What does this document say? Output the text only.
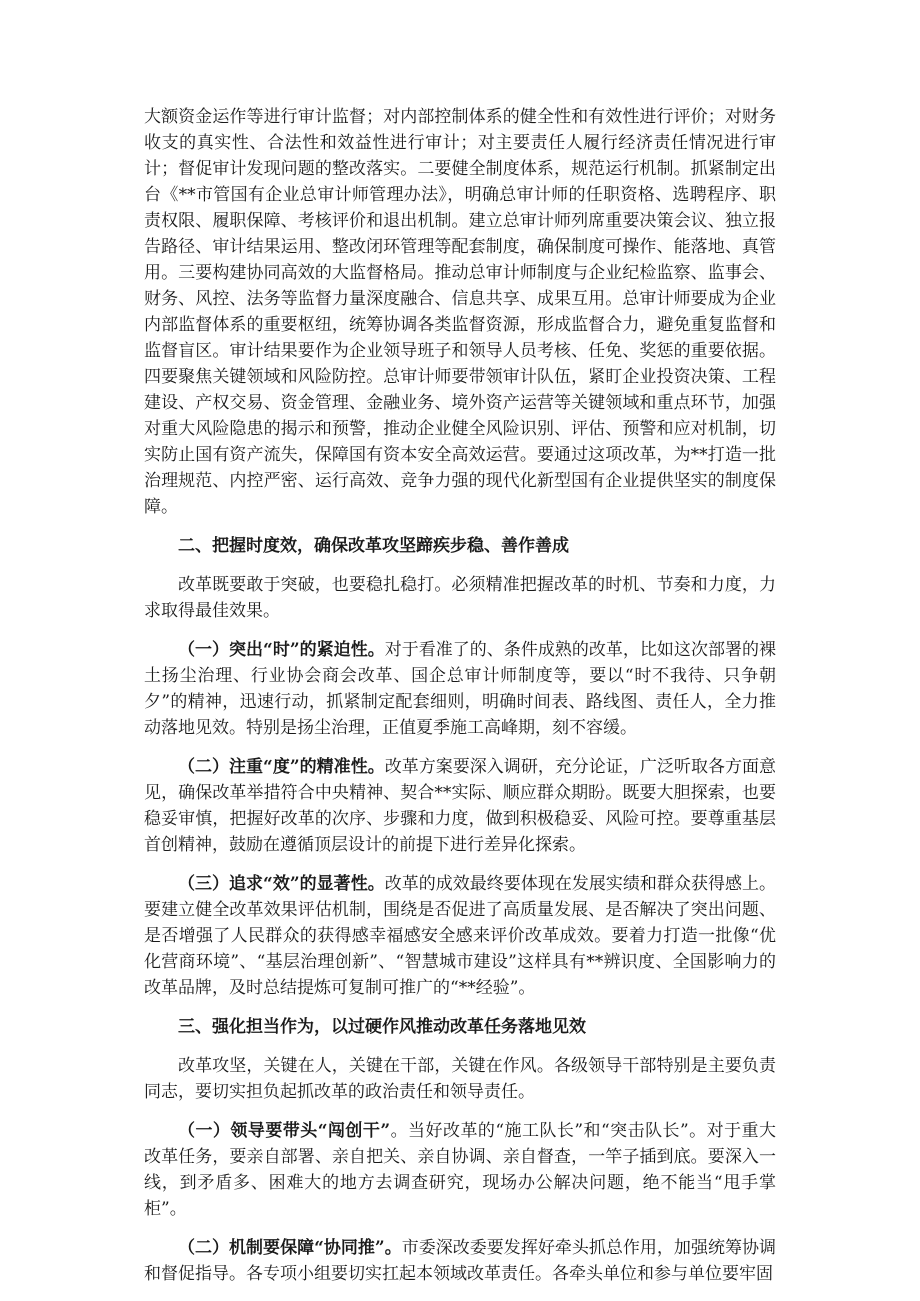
大额资金运作等进行审计监督；对内部控制体系的健全性和有效性进行评价；对财务收支的真实性、合法性和效益性进行审计；对主要责任人履行经济责任情况进行审计；督促审计发现问题的整改落实。二要健全制度体系，规范运行机制。抓紧制定出台《**市管国有企业总审计师管理办法》，明确总审计师的任职资格、选聘程序、职责权限、履职保障、考核评价和退出机制。建立总审计师列席重要决策会议、独立报告路径、审计结果运用、整改闭环管理等配套制度，确保制度可操作、能落地、真管用。三要构建协同高效的大监督格局。推动总审计师制度与企业纪检监察、监事会、财务、风控、法务等监督力量深度融合、信息共享、成果互用。总审计师要成为企业内部监督体系的重要枢纽，统筹协调各类监督资源，形成监督合力，避免重复监督和监督盲区。审计结果要作为企业领导班子和领导人员考核、任免、奖惩的重要依据。四要聚焦关键领域和风险防控。总审计师要带领审计队伍，紧盯企业投资决策、工程建设、产权交易、资金管理、金融业务、境外资产运营等关键领域和重点环节，加强对重大风险隐患的揭示和预警，推动企业健全风险识别、评估、预警和应对机制，切实防止国有资产流失，保障国有资本安全高效运营。要通过这项改革，为**打造一批治理规范、内控严密、运行高效、竞争力强的现代化新型国有企业提供坚实的制度保障。

二、把握时度效，确保改革攻坚蹄疾步稳、善作善成

改革既要敢于突破，也要稳扎稳打。必须精准把握改革的时机、节奏和力度，力求取得最佳效果。

（一）突出“时”的紧迫性。对于看准了的、条件成熟的改革，比如这次部署的裸土扬尘治理、行业协会商会改革、国企总审计师制度等，要以“时不我待、只争朝夕”的精神，迅速行动，抓紧制定配套细则，明确时间表、路线图、责任人，全力推动落地见效。特别是扬尘治理，正值夏季施工高峰期，刻不容缓。

（二）注重“度”的精准性。改革方案要深入调研，充分论证，广泛听取各方面意见，确保改革举措符合中央精神、契合**实际、顺应群众期盼。既要大胆探索，也要稳妥审慎，把握好改革的次序、步骤和力度，做到积极稳妥、风险可控。要尊重基层首创精神，鼓励在遵循顶层设计的前提下进行差异化探索。

（三）追求“效”的显著性。改革的成效最终要体现在发展实绩和群众获得感上。要建立健全改革效果评估机制，围绕是否促进了高质量发展、是否解决了突出问题、是否增强了人民群众的获得感幸福感安全感来评价改革成效。要着力打造一批像“优化营商环境”、“基层治理创新”、“智慧城市建设”这样具有**辨识度、全国影响力的改革品牌，及时总结提炼可复制可推广的“**经验”。

三、强化担当作为，以过硬作风推动改革任务落地见效

改革攻坚，关键在人，关键在干部，关键在作风。各级领导干部特别是主要负责同志，要切实担负起抓改革的政治责任和领导责任。

（一）领导要带头“闯创干”。当好改革的“施工队长”和“突击队长”。对于重大改革任务，要亲自部署、亲自把关、亲自协调、亲自督查，一竿子插到底。要深入一线，到矛盾多、困难大的地方去调查研究，现场办公解决问题，绝不能当“甩手掌柜”。

（二）机制要保障“协同推”。市委深改委要发挥好牵头抓总作用，加强统筹协调和督促指导。各专项小组要切实扛起本领域改革责任。各牵头单位和参与单位要牢固
